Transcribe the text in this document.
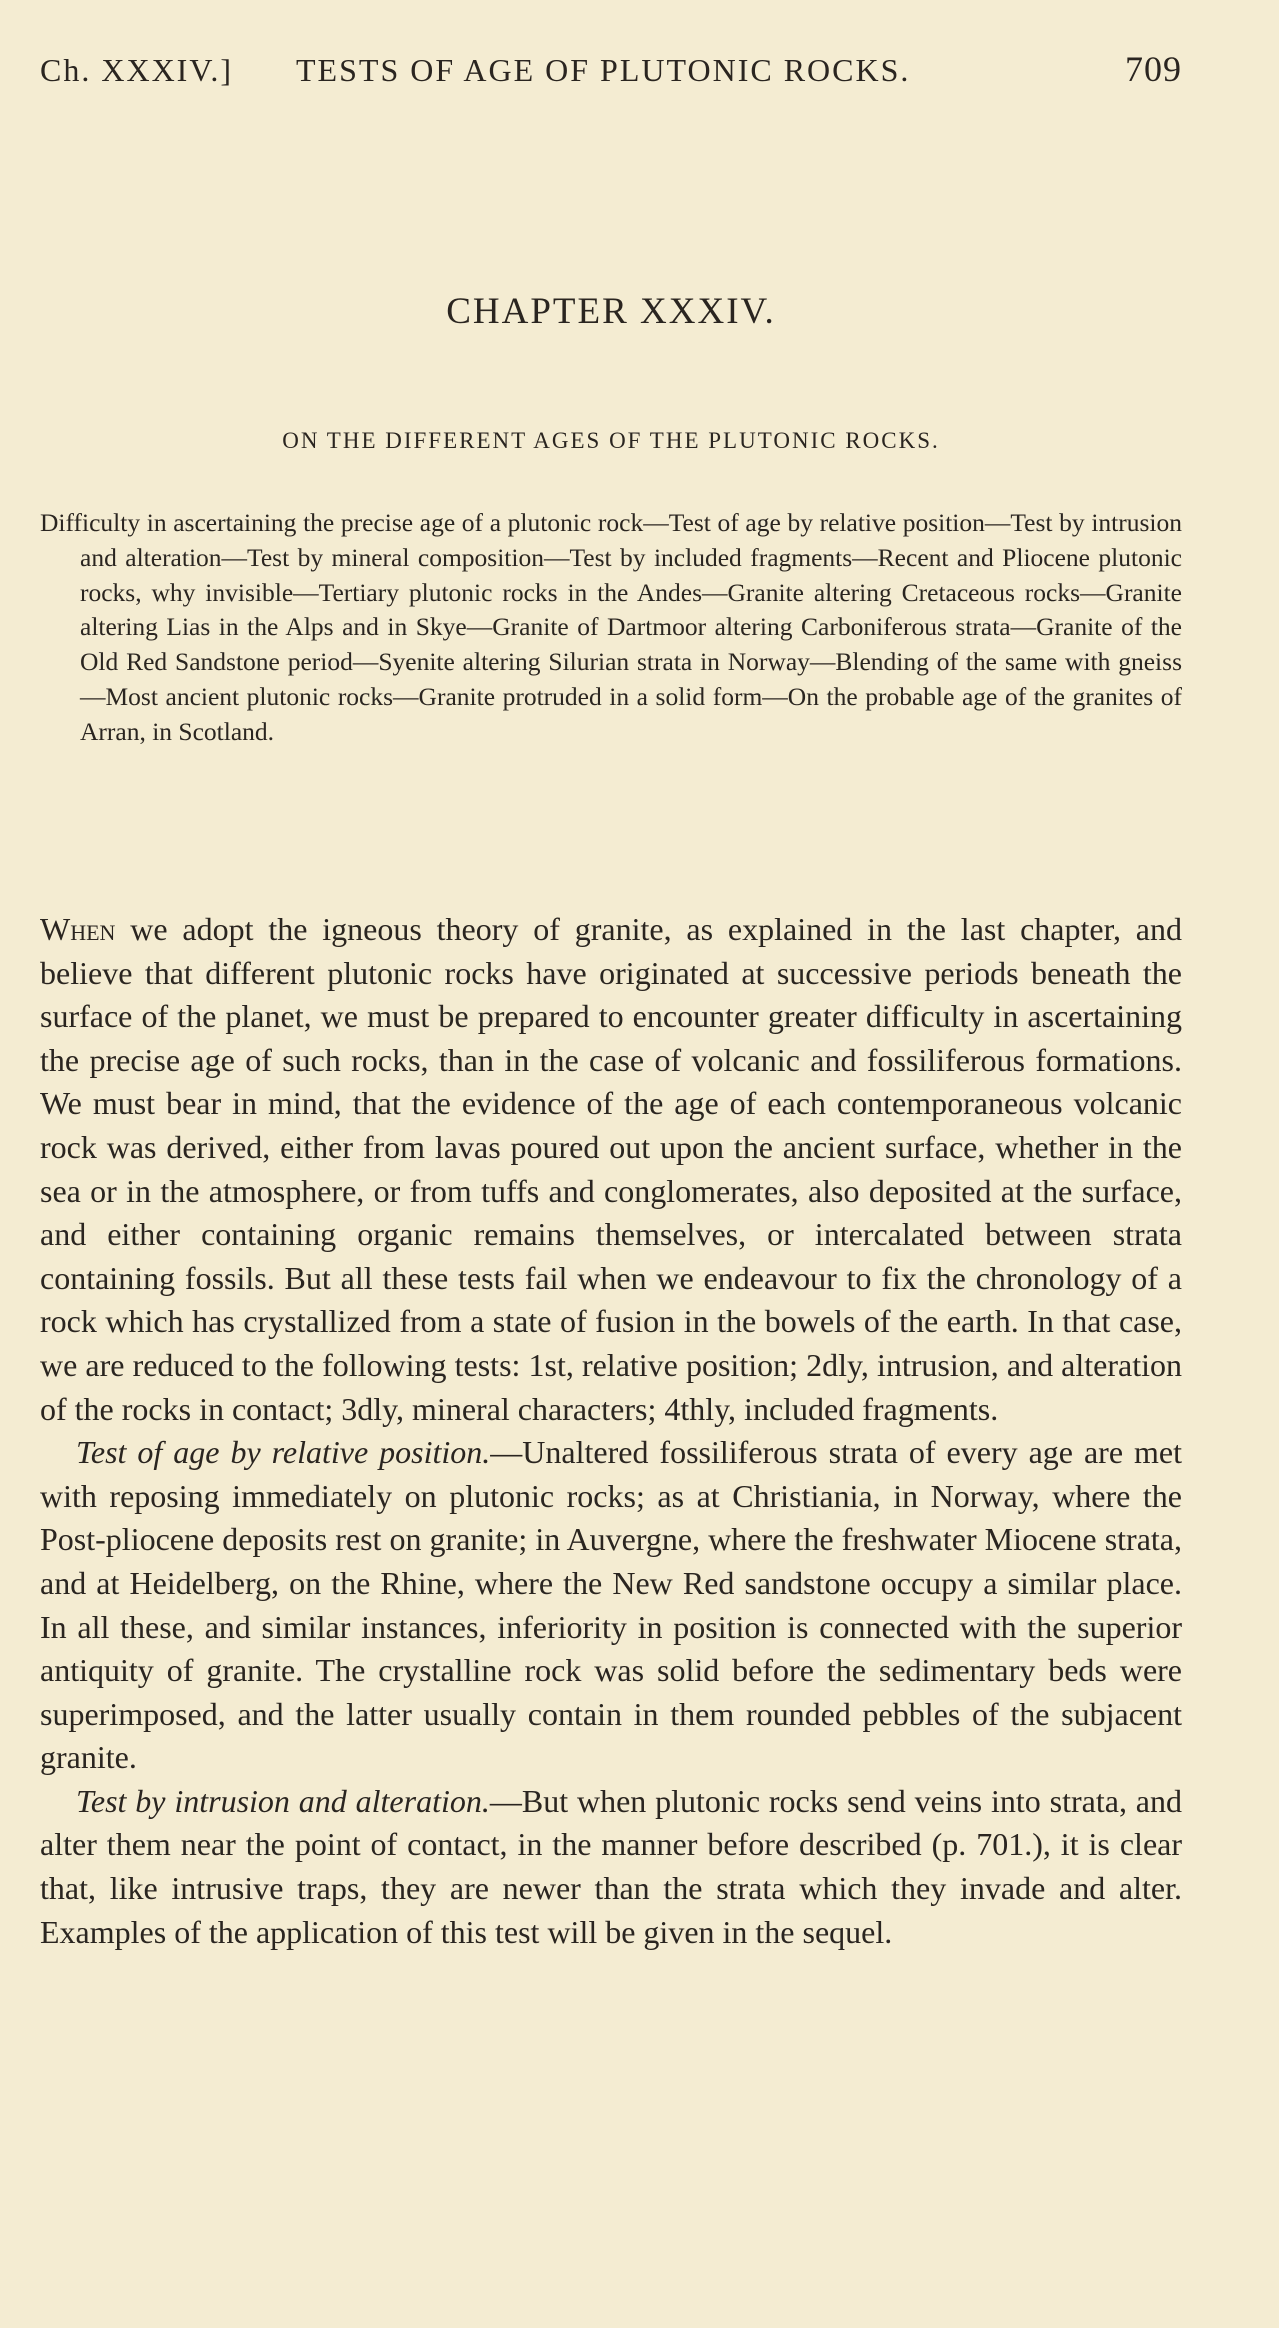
Ch. XXXIV.] TESTS OF AGE OF PLUTONIC ROCKS.	709
CHAPTER XXXIV.
ON THE DIFFERENT AGES OF THE PLUTONIC ROCKS.
Difficulty in ascertaining the precise age of a plutonic rock—Test of age by relative position—Test by intrusion and alteration—Test by mineral composition—Test by included fragments—Recent and Pliocene plutonic rocks, why invisible—Tertiary plutonic rocks in the Andes—Granite altering Cretaceous rocks—Granite altering Lias in the Alps and in Skye—Granite of Dartmoor altering Carboniferous strata—Granite of the Old Red Sandstone period—Syenite altering Silurian strata in Norway—Blending of the same with gneiss—Most ancient plutonic rocks—Granite protruded in a solid form—On the probable age of the granites of Arran, in Scotland.

When we adopt the igneous theory of granite, as explained in the last chapter, and believe that different plutonic rocks have originated at successive periods beneath the surface of the planet, we must be prepared to encounter greater difficulty in ascertaining the precise age of such rocks, than in the case of volcanic and fossiliferous formations. We must bear in mind, that the evidence of the age of each contemporaneous volcanic rock was derived, either from lavas poured out upon the ancient surface, whether in the sea or in the atmosphere, or from tuffs and conglomerates, also deposited at the surface, and either containing organic remains themselves, or intercalated between strata containing fossils. But all these tests fail when we endeavour to fix the chronology of a rock which has crystallized from a state of fusion in the bowels of the earth. In that case, we are reduced to the following tests: 1st, relative position; 2dly, intrusion, and alteration of the rocks in contact; 3dly, mineral characters; 4thly, included fragments.

Test of age by relative position.—Unaltered fossiliferous strata of every age are met with reposing immediately on plutonic rocks; as at Christiania, in Norway, where the Post-pliocene deposits rest on granite; in Auvergne, where the freshwater Miocene strata, and at Heidelberg, on the Rhine, where the New Red sandstone occupy a similar place. In all these, and similar instances, inferiority in position is connected with the superior antiquity of granite. The crystalline rock was solid before the sedimentary beds were superimposed, and the latter usually contain in them rounded pebbles of the subjacent granite.

Test by intrusion and alteration.—But when plutonic rocks send veins into strata, and alter them near the point of contact, in the manner before described (p. 701.), it is clear that, like intrusive traps, they are newer than the strata which they invade and alter. Examples of the application of this test will be given in the sequel.
